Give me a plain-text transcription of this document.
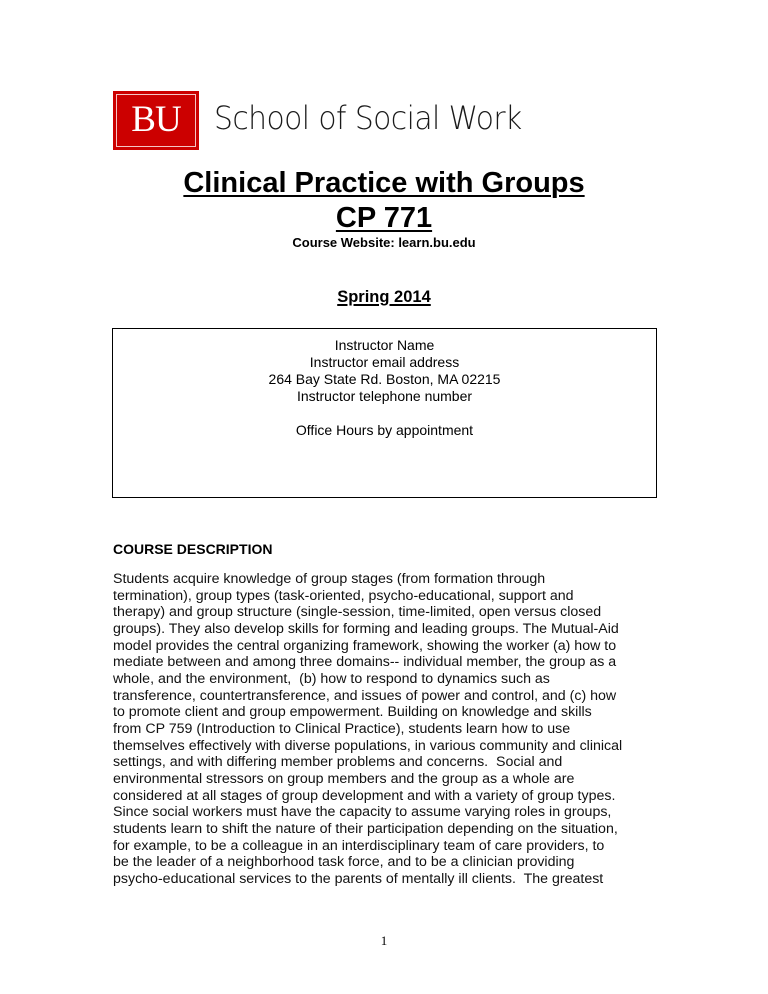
BU	School of Social Work
Clinical Practice with Groups
CP 771
Course Website: learn.bu.edu
Spring 2014
Instructor Name
Instructor email address
264 Bay State Rd. Boston, MA 02215
Instructor telephone number
Office Hours by appointment
COURSE DESCRIPTION
Students acquire knowledge of group stages (from formation through
termination), group types (task-oriented, psycho-educational, support and
therapy) and group structure (single-session, time-limited, open versus closed
groups). They also develop skills for forming and leading groups. The Mutual-Aid
model provides the central organizing framework, showing the worker (a) how to
mediate between and among three domains-- individual member, the group as a
whole, and the environment,  (b) how to respond to dynamics such as
transference, countertransference, and issues of power and control, and (c) how
to promote client and group empowerment. Building on knowledge and skills
from CP 759 (Introduction to Clinical Practice), students learn how to use
themselves effectively with diverse populations, in various community and clinical
settings, and with differing member problems and concerns.  Social and
environmental stressors on group members and the group as a whole are
considered at all stages of group development and with a variety of group types.
Since social workers must have the capacity to assume varying roles in groups,
students learn to shift the nature of their participation depending on the situation,
for example, to be a colleague in an interdisciplinary team of care providers, to
be the leader of a neighborhood task force, and to be a clinician providing
psycho-educational services to the parents of mentally ill clients.  The greatest
1
